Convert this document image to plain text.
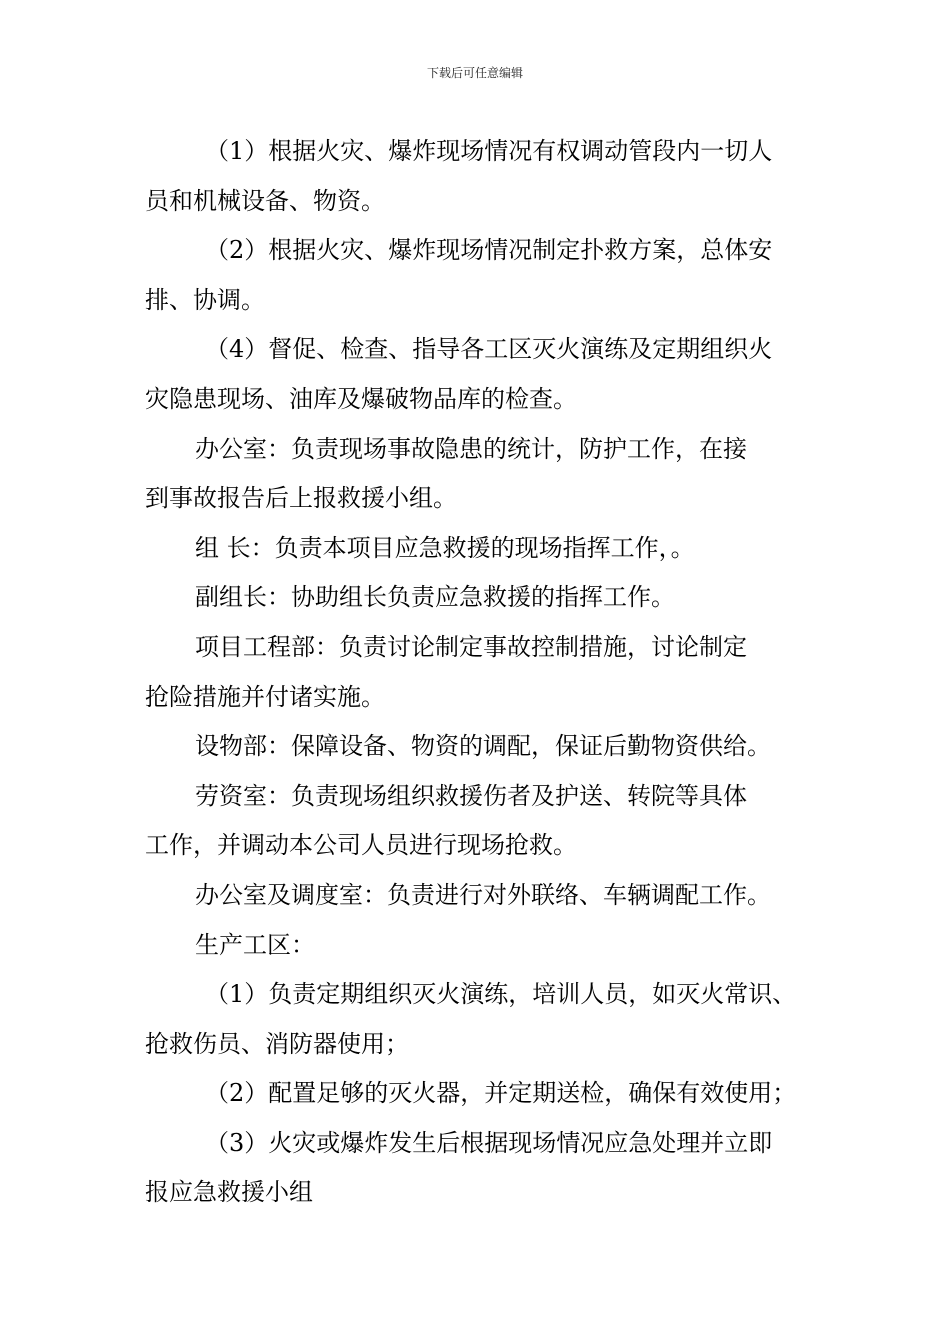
下载后可任意编辑
（1）根据火灾、爆炸现场情况有权调动管段内一切人
员和机械设备、物资。
（2）根据火灾、爆炸现场情况制定扑救方案，总体安
排、协调。
（4）督促、检查、指导各工区灭火演练及定期组织火
灾隐患现场、油库及爆破物品库的检查。
办公室：负责现场事故隐患的统计，防护工作，在接
到事故报告后上报救援小组。
组 长：负责本项目应急救援的现场指挥工作，。
副组长：协助组长负责应急救援的指挥工作。
项目工程部：负责讨论制定事故控制措施，讨论制定
抢险措施并付诸实施。
设物部：保障设备、物资的调配，保证后勤物资供给。
劳资室：负责现场组织救援伤者及护送、转院等具体
工作，并调动本公司人员进行现场抢救。
办公室及调度室：负责进行对外联络、车辆调配工作。
生产工区：
（1）负责定期组织灭火演练，培训人员，如灭火常识、
抢救伤员、消防器使用；
（2）配置足够的灭火器，并定期送检，确保有效使用；
（3）火灾或爆炸发生后根据现场情况应急处理并立即
报应急救援小组
